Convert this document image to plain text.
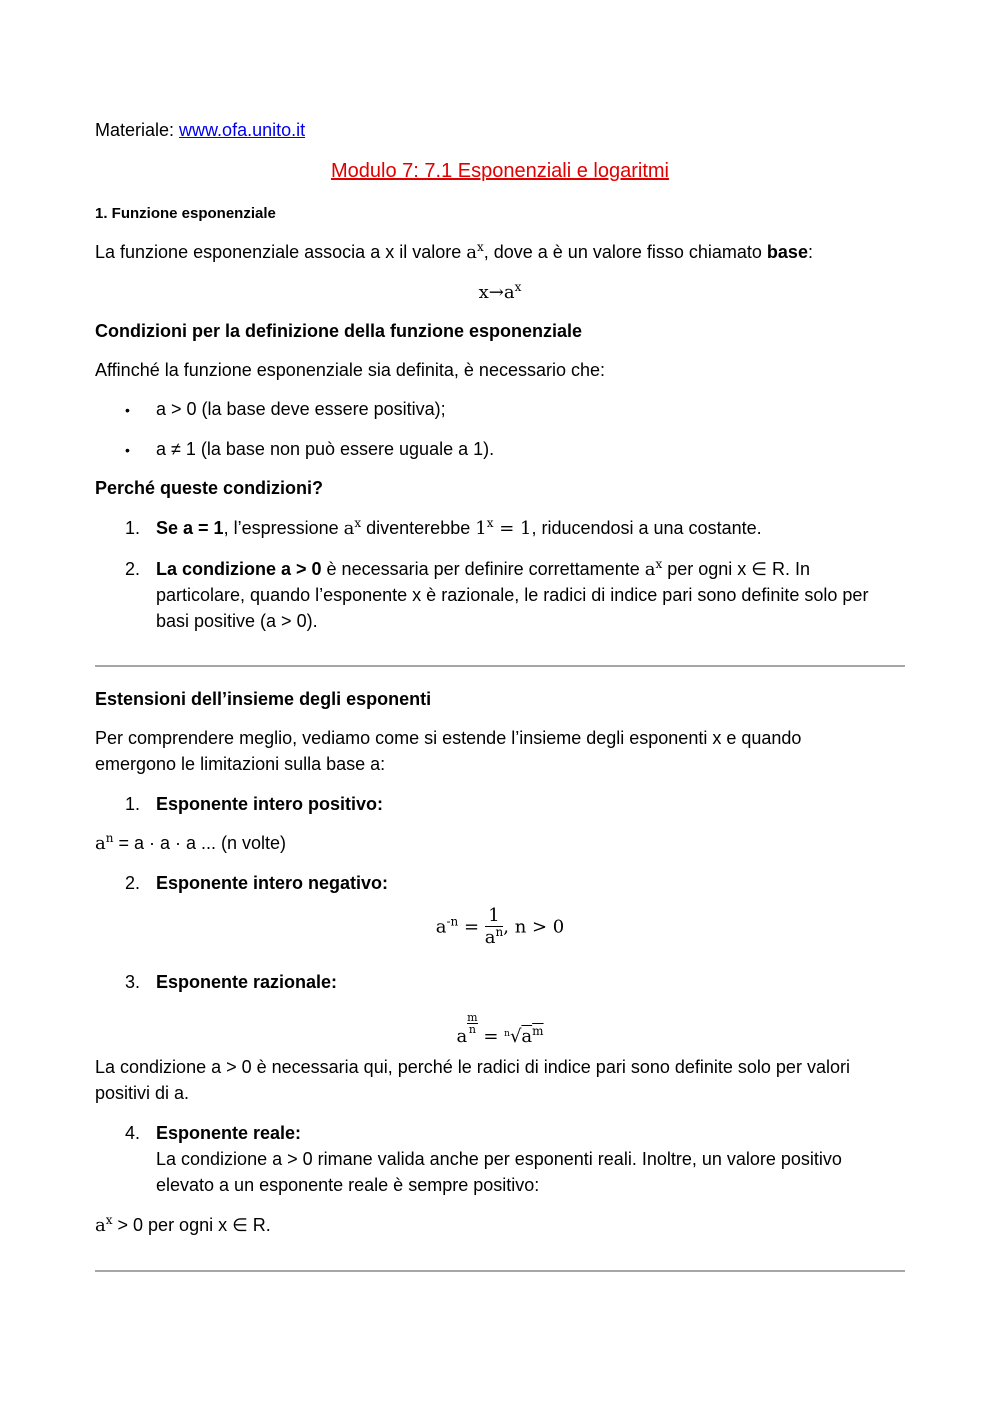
Materiale: www.ofa.unito.it
Modulo 7: 7.1 Esponenziali e logaritmi
1. Funzione esponenziale
La funzione esponenziale associa a x il valore $a^x$, dove a è un valore fisso chiamato base:
$x\to a^x$
Condizioni per la definizione della funzione esponenziale
Affinché la funzione esponenziale sia definita, è necessario che:
• a > 0 (la base deve essere positiva);
• a ≠ 1 (la base non può essere uguale a 1).
Perché queste condizioni?
1. Se a = 1, l’espressione $a^x$ diventerebbe $1^x = 1$, riducendosi a una costante.
2. La condizione a > 0 è necessaria per definire correttamente $a^x$ per ogni x ∈ R. In
particolare, quando l’esponente x è razionale, le radici di indice pari sono definite solo per
basi positive (a > 0).
Estensioni dell’insieme degli esponenti
Per comprendere meglio, vediamo come si estende l’insieme degli esponenti x e quando
emergono le limitazioni sulla base a:
1. Esponente intero positivo:
$a^n = a \cdot a \cdot a$ ... (n volte)
2. Esponente intero negativo:
$a^{-n} = \frac{1}{a^n}$ , n > 0
3. Esponente razionale:
a
$\frac{m}{n}$
= $^n√a^m$
La condizione a > 0 è necessaria qui, perché le radici di indice pari sono definite solo per valori
positivi di a.
4. Esponente reale:
La condizione a > 0 rimane valida anche per esponenti reali. Inoltre, un valore positivo
elevato a un esponente reale è sempre positivo:
$a^x > 0$ per ogni x ∈ R.
